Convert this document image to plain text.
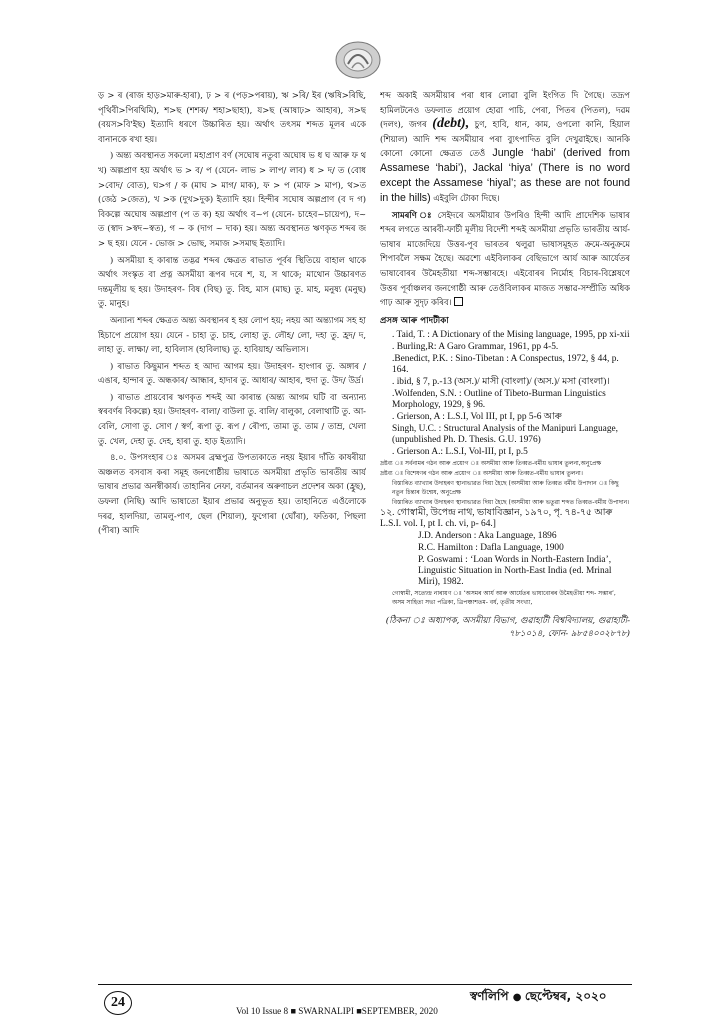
ড় > ৰ (ৰাজ হাড়>মাৰু-হাৰা), ঢ় > ৰ (পড়>পৰায়), ঋ >ৰি/ ইৰ (ঋষি>ৰিছি, পৃথিবী>পিৰথিমি), শ>ছ (শশক/ শহা>ছাহা), য>ছ (আষাঢ়> আহাৰ), স>ছ (বয়স>বি'ইছ) ইত্যাদি ধৰণে উচ্চাৰিত হয়। অৰ্থাৎ তৎসম শব্দত মূলৰ একে বানানকে ৰখা হয়।

) অন্ত্য অবস্থানত সকলো মহাপ্ৰাণ বৰ্ণ (সঘোষ নতুবা অঘোষ ভ ধ ঘ আৰু ফ থ খ) অল্পপ্ৰাণ হয় অৰ্থাৎ ভ > ব/ প (যেনে- লাভ > লাপ/ লাব) ধ > দ/ ত (বোধ >বোদ/ বোত), ঘ>গ / ক (মাঘ > মাগ/ মাক), ফ > প (মাফ > মাপ), থ>ত (জেঠ >জেত), খ >ক (দুখ>দুক) ইত্যাদি হয়। হিন্দীৰ সঘোষ অল্পপ্ৰাণ (ব দ গ) বিকল্পে অঘোষ অল্পপ্ৰাণ (প ত ক) হয় অৰ্থাৎ ব~প (যেনে- চাহেব~চায়েপ), দ~ ত (স্বাদ >স্বদ~স্বত), গ ~ ক (দাগ ~ দাক) হয়। অন্ত্য অবস্থানত ঋণকৃত শব্দৰ জ > ছ হয়। যেনে - ভোজ > ভোছ, সমাজ >সমাছ ইত্যাদি।

) অসমীয়া হ কাৰান্ত তদ্ভৱ শব্দৰ ক্ষেত্ৰত ৰাভাত পূৰ্বৰ স্থিতিয়ে বাহাল থাকে অৰ্থাৎ সংস্কৃত বা প্ৰত্ন অসমীয়া ৰূপৰ দৰে শ, য, স থাকে; মাথোন উচ্চাৰণত দন্তমূলীয় ছ হয়। উদাহৰণ- বিষ (বিছ) তু. বিহ, মাস (মাছ) তু. মাহ, মনুষ্য (মনুছ) তু. মানুহ।

অন্যান্য শব্দৰ ক্ষেত্ৰত অন্ত্য অবস্থানৰ হ হয় লোপ হয়; নহয় আ অন্ত্যাগম সহ হা হিচাপে প্ৰয়োগ হয়। যেনে - চাহা তু. চাহ, লোহা তু. লৌহ/ লো, দহা তু. হ্ৰদ/ দ, লাহা তু. লাক্ষা/ লা, হাবিলাস (হাবিলাছ) তু. হাবিয়াহ/ অভিলাস।

) ৰাভাত কিছুমান শব্দত হ আদ্য আগম হয়। উদাহৰণ- হাংগাৰ তু. অঙ্গাৰ / এঙাৰ, হান্দাৰ তু. অন্ধকাৰ/ আন্ধাৰ, হাদাৰ তু. আধাৰ/ আহাৰ, হুদা তু. উদ/ উৰ্দ্ৰ।

) ৰাভাত প্ৰায়বোৰ ঋণকৃত শব্দই আ কাৰান্ত (অন্ত্য আগম ঘটি বা অন্যান্য স্বৰবৰ্ণৰ বিকল্পে) হয়। উদাহৰণ- বালা/ বাউলা তু. বালি/ বালুকা, বেলাথাটি তু. আ-বেলি, সোণা তু. সোণ / স্বৰ্ণ, ৰূপা তু. ৰূপ / ৰৌপ্য, তামা তু. তাম / তাম্ৰ, খেলা তু. খেল, দেহা তু. দেহ, হাৰা তু. হাড় ইত্যাদি।

৪.০. উপসংহাৰ ঃ অসমৰ ব্ৰহ্মপুত্ৰ উপত্যকাতে নহয় ইয়াৰ দাঁতি কাষৰীয়া অঞ্চলত বসবাস কৰা সমূহ জনগোষ্ঠীয় ভাষাতে অসমীয়া প্ৰভৃতি ভাৰতীয় আৰ্য ভাষাৰ প্ৰভাৱ অনস্বীকাৰ্য। তাহানিৰ নেফা, বৰ্তমানৰ অৰুণাচল প্ৰদেশৰ অকা (হ্ৰুছ), ডফলা (নিছি) আদি ভাষাতো ইয়াৰ প্ৰভাৱ অনুভূত হয়। তাহানিতে এওঁলোকে দৰৱ, হালদিয়া, তামলু-পাণ, ছেল (শিয়াল), ফুগোৰা (ঘোঁৰা), ফতিকা, পিছলা (পীৰা) আদি

শব্দ অকাই অসমীয়াৰ পৰা ধাৰ লোৱা বুলি ইংগিত দি গৈছে। তদ্ৰূপ হামিলটনেও ডফলাত প্ৰয়োগ হোৱা পাচি, পেৰা, পিতৰ (পিতল), দৱম (দলং), জগৰ (debt), চুণ, হাবি, ধান, কাম, ওপলো কানি, হিয়াল (শিয়াল) আদি শব্দ অসমীয়াৰ পৰা ব্যুৎপাদিত বুলি দেখুৱাইছে। আনকি কোনো কোনো ক্ষেত্ৰত তেওঁ Jungle ‘habi’ (derived from Assamese ‘habi’), Jackal ‘hiya’ (There is no word except the Assamese ‘hiyal’; as these are not found in the hills) এইবুলি টোকা দিছে।

সামৰণি ঃ সেইদৰে অসমীয়াৰ উপৰিও হিন্দী আদি প্ৰাদেশিক ভাষাৰ শব্দৰ লগতে আৰবী-ফাৰ্চী মূলীয় বিদেশী শব্দই অসমীয়া প্ৰভৃতি ভাৰতীয় আৰ্য-ভাষাৰ মাজেদিয়ে উত্তৰ-পূব ভাৰতৰ থলুৱা ভাষাসমূহত ক্ৰমে-অনুক্ৰমে শিপাবলৈ সক্ষম হৈছে। অৱশ্যে এইবিলাকৰ বেছিভাগে আৰ্য আৰু আৰ্যেতৰ ভাষাবোৰৰ উমৈহতীয়া শব্দ-সম্ভাৰহে। এইবোৰৰ নিৰ্মোহ বিচাৰ-বিশ্লেষণে উত্তৰ পূৰ্বাঞ্চলৰ জনগোষ্ঠী আৰু তেওঁবিলাকৰ মাজত সম্ভাৱ-সম্প্ৰীতি অধিক গাঢ় আৰু সুদৃঢ় কৰিব।

প্ৰসঙ্গ আৰু পাদটীকা
. Taid, T. : A Dictionary of the Mising language, 1995, pp xi-xii
. Burling,R: A Garo Grammar, 1961, pp 4-5.
.Benedict, P.K. : Sino-Tibetan : A Conspectus, 1972, § 44, p. 164.
. ibid, § 7, p.-13 (অস.)/ মাসী (বাংলা)/ (অস.)/ মসা (বাংলা)।
.Wolfenden, S.N. : Outline of Tibeto-Burman Linguistics Morphology, 1929, § 96.
. Grierson, A : L.S.I, Vol III, pt I, pp 5-6 আৰু
Singh, U.C. : Structural Analysis of the Manipuri Language, (unpublished Ph. D. Thesis. G.U. 1976)
. Grierson A.: L.S.I, Vol-III, pt I, p.5
দ্ৰষ্টব্য ঃ সৰ্বনামৰ গঠন আৰু প্ৰয়োগ ঃ অসমীয়া আৰু তিব্বত-বৰ্মীয় ভাষাৰ তুলনা,অনুপ্ৰেক্ষ
দ্ৰষ্টব্য ঃ বিশেষণৰ গঠন আৰু প্ৰয়োগ ঃ অসমীয়া আৰু তিব্বত-বৰ্মীয় ভাষাৰ তুলনা।
বিস্তাৰিত ব্যাখ্যাৰ উদাহৰণ স্থানাভাৱত দিয়া হৈছে (অসমীয়া আৰু তিব্বত বৰ্মীয় উপাদান ঃ কিছু নতুন চিন্তাৰ উন্মেষ, অনুপ্ৰেক্ষ
বিস্তাৰিত ব্যাখ্যাৰ উদাহৰণ স্থানাভাৱত দিয়া হৈছে (অসমীয়া আৰু ভতুৱা শব্দত তিব্বত-বৰ্মীয় উপাদান।
১২. গোস্বামী, উপেন্দ্ৰ নাথ, ভাষাবিজ্ঞান, ১৯৭০, পৃ. ৭৪-৭৫ আৰু L.S.I. vol. I, pt I. ch. vi, p- 64.]
J.D. Anderson : Aka Language, 1896
R.C. Hamilton : Dafla Language, 1900
P. Goswami : ‘Loan Words in North-Eastern India’, Linguistic Situation in North-East India (ed. Mrinal Miri), 1982.
গোস্বামী, সত্যেন্দ্ৰ নাৰায়ণ ঃ ‘অসমৰ আৰ্য আৰু আৰ্যেতৰ ভাষাবোৰৰ উমৈহতীয়া শব্দ- সম্ভাৰ’, অসম সাহিত্য সভা পত্ৰিকা, ত্ৰিপঞ্চাশতম- বৰ্ষ, তৃতীয় সংখ্যা,
(ঠিকনা ঃ অধ্যাপক, অসমীয়া বিভাগ, গুৱাহাটী বিশ্ববিদ্যালয়, গুৱাহাটী- ৭৮১০১৪, ফোন- ৯৮৫৪০০২৮৭৮)
24	স্বৰ্ণলিপি ● ছেপ্টেম্বৰ, ২০২০
Vol 10 Issue 8 ■ SWARNALIPI ■SEPTEMBER, 2020
